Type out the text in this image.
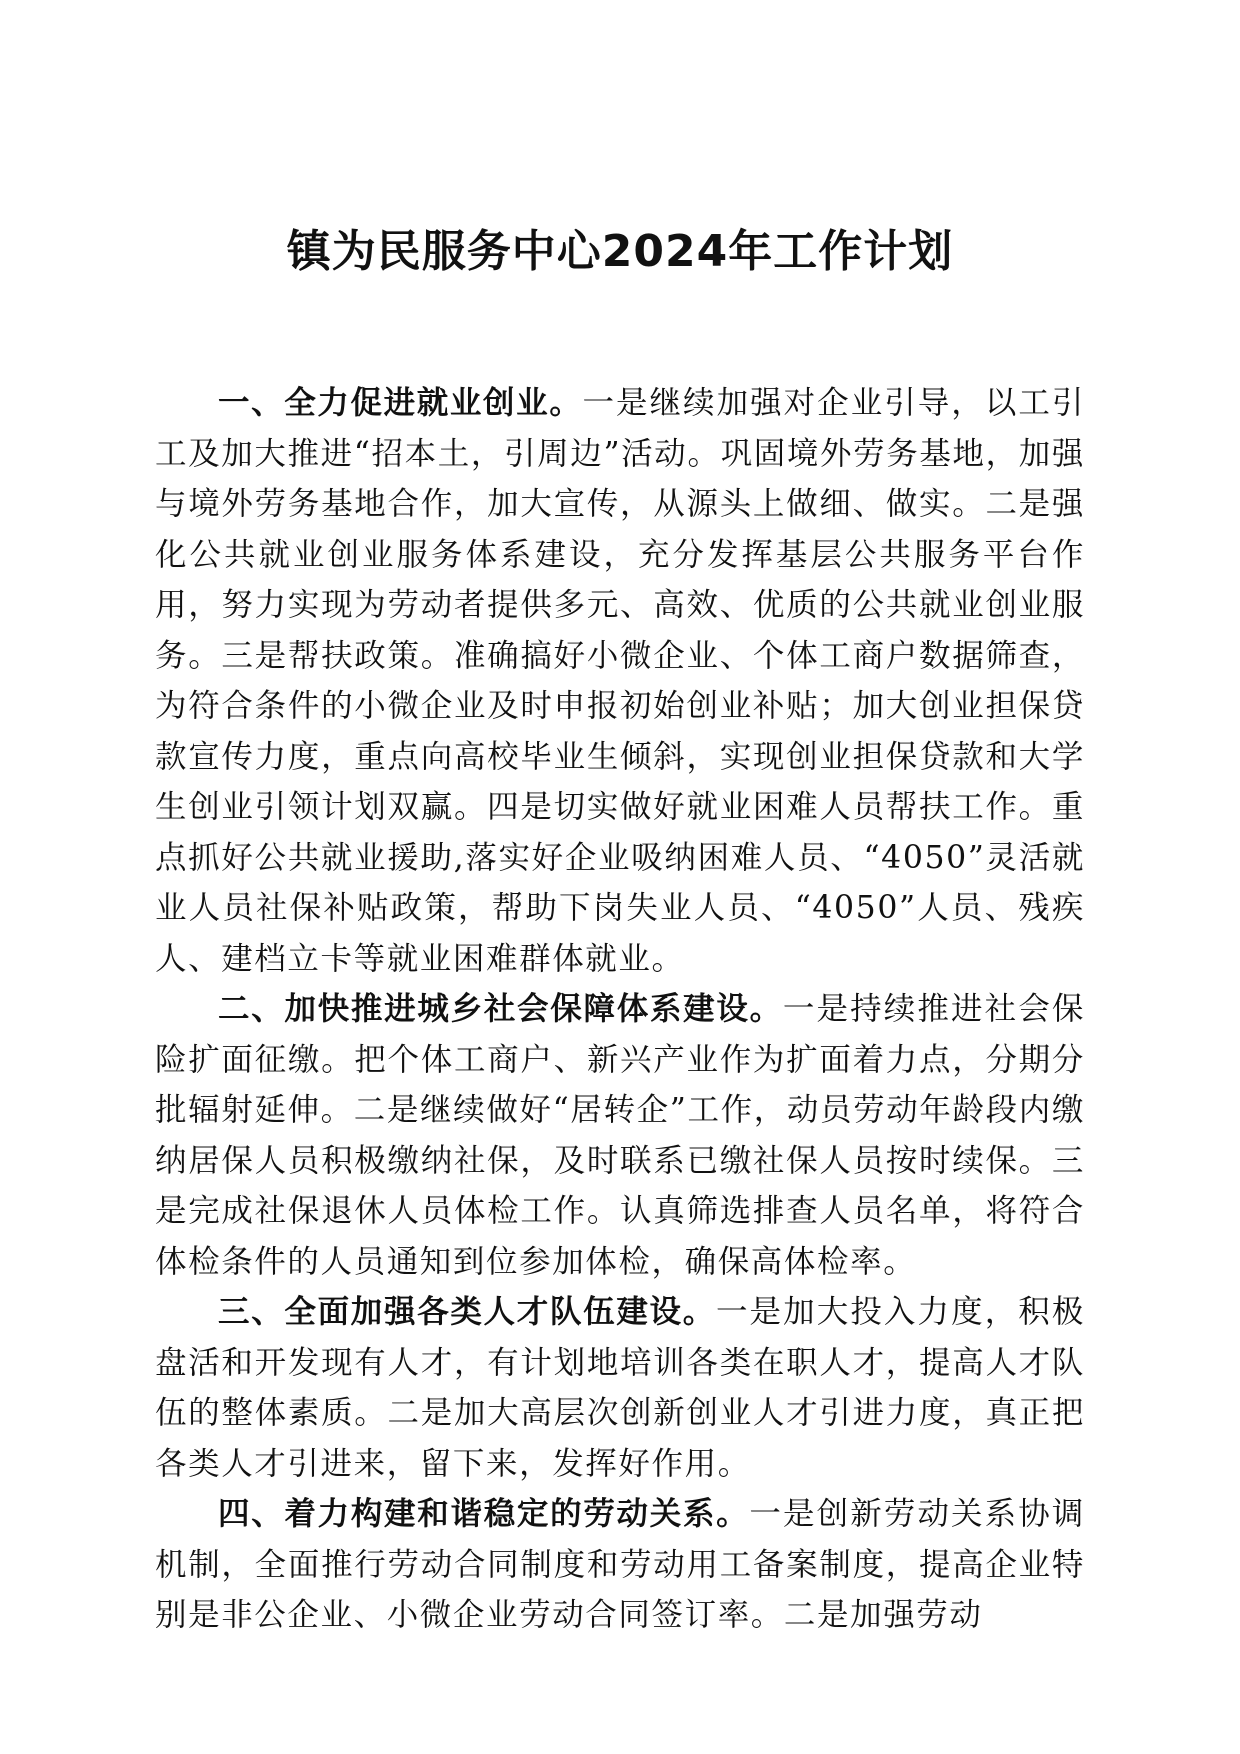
镇为民服务中心2024年工作计划

一、全力促进就业创业。一是继续加强对企业引导，以工引工及加大推进“招本土，引周边”活动。巩固境外劳务基地，加强与境外劳务基地合作，加大宣传，从源头上做细、做实。二是强化公共就业创业服务体系建设，充分发挥基层公共服务平台作用，努力实现为劳动者提供多元、高效、优质的公共就业创业服务。三是帮扶政策。准确搞好小微企业、个体工商户数据筛查，为符合条件的小微企业及时申报初始创业补贴；加大创业担保贷款宣传力度，重点向高校毕业生倾斜，实现创业担保贷款和大学生创业引领计划双赢。四是切实做好就业困难人员帮扶工作。重点抓好公共就业援助,落实好企业吸纳困难人员、“4050”灵活就业人员社保补贴政策，帮助下岗失业人员、“4050”人员、残疾人、建档立卡等就业困难群体就业。

二、加快推进城乡社会保障体系建设。一是持续推进社会保险扩面征缴。把个体工商户、新兴产业作为扩面着力点，分期分批辐射延伸。二是继续做好“居转企”工作，动员劳动年龄段内缴纳居保人员积极缴纳社保，及时联系已缴社保人员按时续保。三是完成社保退休人员体检工作。认真筛选排查人员名单，将符合体检条件的人员通知到位参加体检，确保高体检率。

三、全面加强各类人才队伍建设。一是加大投入力度，积极盘活和开发现有人才，有计划地培训各类在职人才，提高人才队伍的整体素质。二是加大高层次创新创业人才引进力度，真正把各类人才引进来，留下来，发挥好作用。

四、着力构建和谐稳定的劳动关系。一是创新劳动关系协调机制，全面推行劳动合同制度和劳动用工备案制度，提高企业特别是非公企业、小微企业劳动合同签订率。二是加强劳动
